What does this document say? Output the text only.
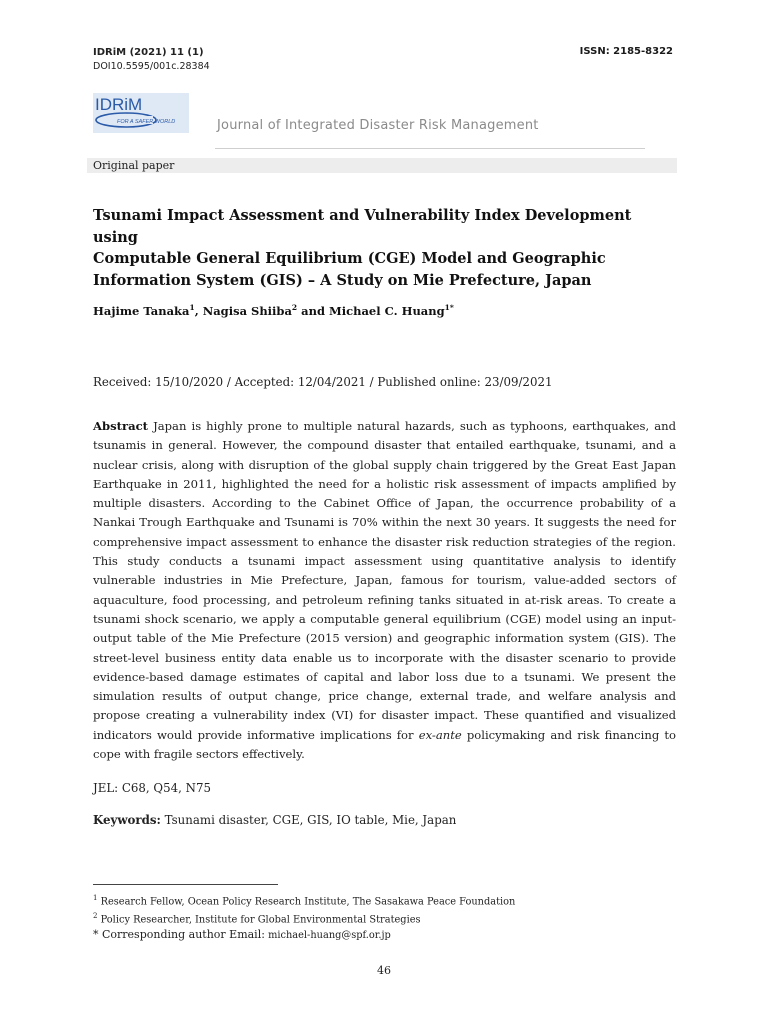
IDRiM (2021) 11 (1)
DOI10.5595/001c.28384
ISSN: 2185-8322
IDRiM
FOR A SAFER WORLD	Journal of Integrated Disaster Risk Management
Original paper
Tsunami Impact Assessment and Vulnerability Index Development using
Computable General Equilibrium (CGE) Model and Geographic
Information System (GIS) – A Study on Mie Prefecture, Japan
Hajime Tanaka$^1$, Nagisa Shiiba$^2$ and Michael C. Huang$^{1*}$
Received: 15/10/2020 / Accepted: 12/04/2021 / Published online: 23/09/2021
Abstract Japan is highly prone to multiple natural hazards, such as typhoons, earthquakes, and tsunamis in general. However, the compound disaster that entailed earthquake, tsunami, and a nuclear crisis, along with disruption of the global supply chain triggered by the Great East Japan Earthquake in 2011, highlighted the need for a holistic risk assessment of impacts amplified by multiple disasters. According to the Cabinet Office of Japan, the occurrence probability of a Nankai Trough Earthquake and Tsunami is 70% within the next 30 years. It suggests the need for comprehensive impact assessment to enhance the disaster risk reduction strategies of the region. This study conducts a tsunami impact assessment using quantitative analysis to identify vulnerable industries in Mie Prefecture, Japan, famous for tourism, value-added sectors of aquaculture, food processing, and petroleum refining tanks situated in at-risk areas. To create a tsunami shock scenario, we apply a computable general equilibrium (CGE) model using an input-output table of the Mie Prefecture (2015 version) and geographic information system (GIS). The street-level business entity data enable us to incorporate with the disaster scenario to provide evidence-based damage estimates of capital and labor loss due to a tsunami. We present the simulation results of output change, price change, external trade, and welfare analysis and propose creating a vulnerability index (VI) for disaster impact. These quantified and visualized indicators would provide informative implications for ex-ante policymaking and risk financing to cope with fragile sectors effectively.
JEL: C68, Q54, N75
Keywords: Tsunami disaster, CGE, GIS, IO table, Mie, Japan
$^1$ Research Fellow, Ocean Policy Research Institute, The Sasakawa Peace Foundation
$^2$ Policy Researcher, Institute for Global Environmental Strategies
* Corresponding author Email: michael-huang@spf.or.jp
46
